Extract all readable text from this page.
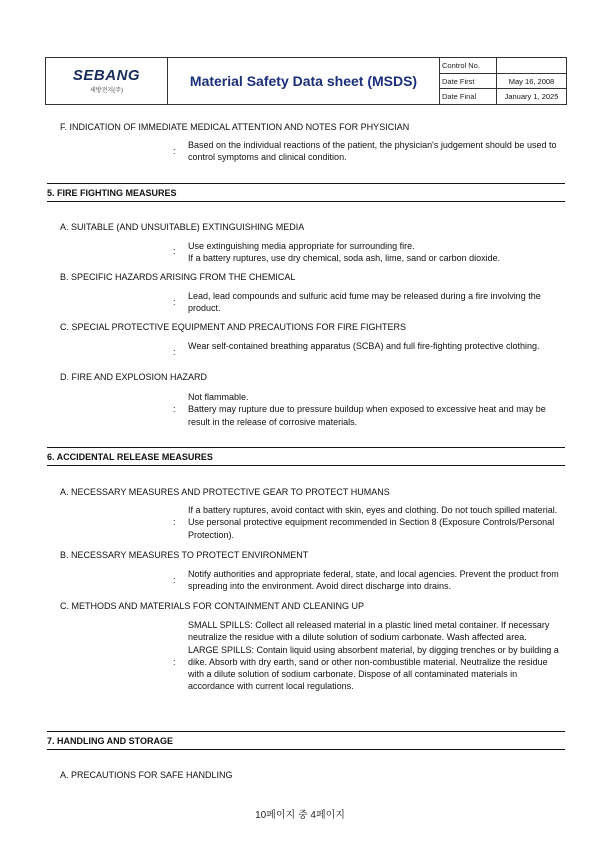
SEBANG
세방전지(주)
Material Safety Data sheet (MSDS)
Control No.
Date First	May 16, 2008
Date Final	January 1, 2025
F. INDICATION OF IMMEDIATE MEDICAL ATTENTION AND NOTES FOR PHYSICIAN
:
Based on the individual reactions of the patient, the physician's judgement should be used to control symptoms and clinical condition.
5. FIRE FIGHTING MEASURES
A. SUITABLE (AND UNSUITABLE) EXTINGUISHING MEDIA
: Use extinguishing media appropriate for surrounding fire.
If a battery ruptures, use dry chemical, soda ash, lime, sand or carbon dioxide.
B. SPECIFIC HAZARDS ARISING FROM THE CHEMICAL
:
Lead, lead compounds and sulfuric acid fume may be released during a fire involving the product.
C. SPECIAL PROTECTIVE EQUIPMENT AND PRECAUTIONS FOR FIRE FIGHTERS
:
Wear self-contained breathing apparatus (SCBA) and full fire-fighting protective clothing.
D. FIRE AND EXPLOSION HAZARD
:
Not flammable.
Battery may rupture due to pressure buildup when exposed to excessive heat and may be result in the release of corrosive materials.
6. ACCIDENTAL RELEASE MEASURES
A. NECESSARY MEASURES AND PROTECTIVE GEAR TO PROTECT HUMANS
:
If a battery ruptures, avoid contact with skin, eyes and clothing. Do not touch spilled material. Use personal protective equipment recommended in Section 8 (Exposure Controls/Personal Protection).
B. NECESSARY MEASURES TO PROTECT ENVIRONMENT
:
Notify authorities and appropriate federal, state, and local agencies. Prevent the product from spreading into the environment. Avoid direct discharge into drains.
C. METHODS AND MATERIALS FOR CONTAINMENT AND CLEANING UP
:
SMALL SPILLS: Collect all released material in a plastic lined metal container. If necessary neutralize the residue with a dilute solution of sodium carbonate. Wash affected area.
LARGE SPILLS: Contain liquid using absorbent material, by digging trenches or by building a dike. Absorb with dry earth, sand or other non-combustible material. Neutralize the residue with a dilute solution of sodium carbonate. Dispose of all contaminated materials in accordance with current local regulations.
7. HANDLING AND STORAGE
A. PRECAUTIONS FOR SAFE HANDLING
10페이지 중 4페이지
